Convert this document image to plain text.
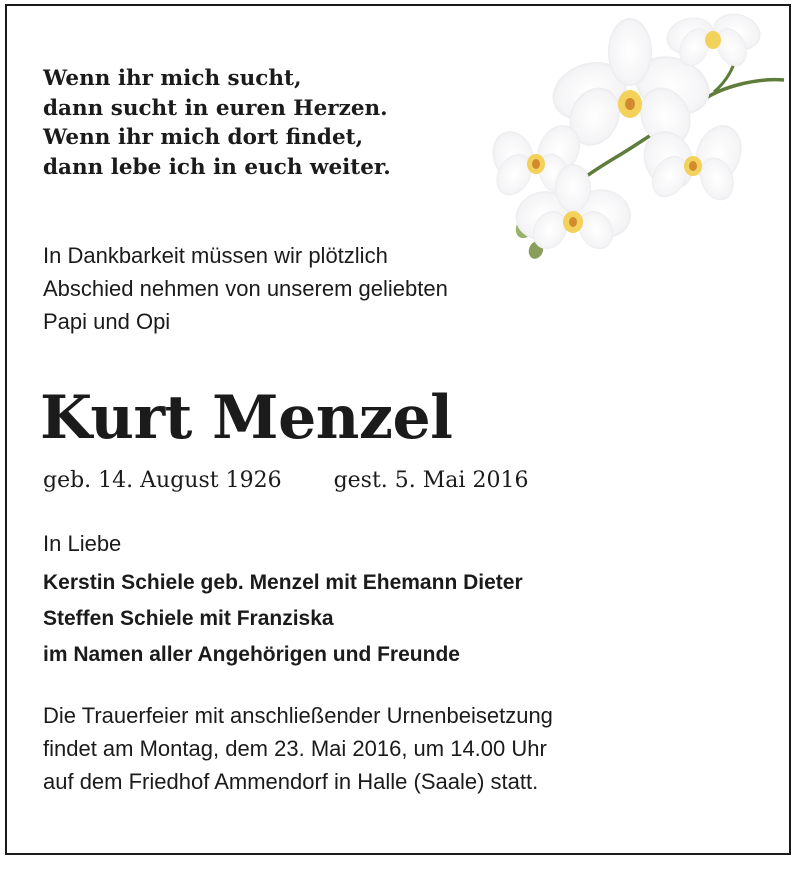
Wenn ihr mich sucht,
dann sucht in euren Herzen.
Wenn ihr mich dort findet,
dann lebe ich in euch weiter.
In Dankbarkeit müssen wir plötzlich
Abschied nehmen von unserem geliebten
Papi und Opi
Kurt Menzel
geb. 14. August 1926 gest. 5. Mai 2016
In Liebe
Kerstin Schiele geb. Menzel mit Ehemann Dieter
Steffen Schiele mit Franziska
im Namen aller Angehörigen und Freunde
Die Trauerfeier mit anschließender Urnenbeisetzung
findet am Montag, dem 23. Mai 2016, um 14.00 Uhr
auf dem Friedhof Ammendorf in Halle (Saale) statt.
